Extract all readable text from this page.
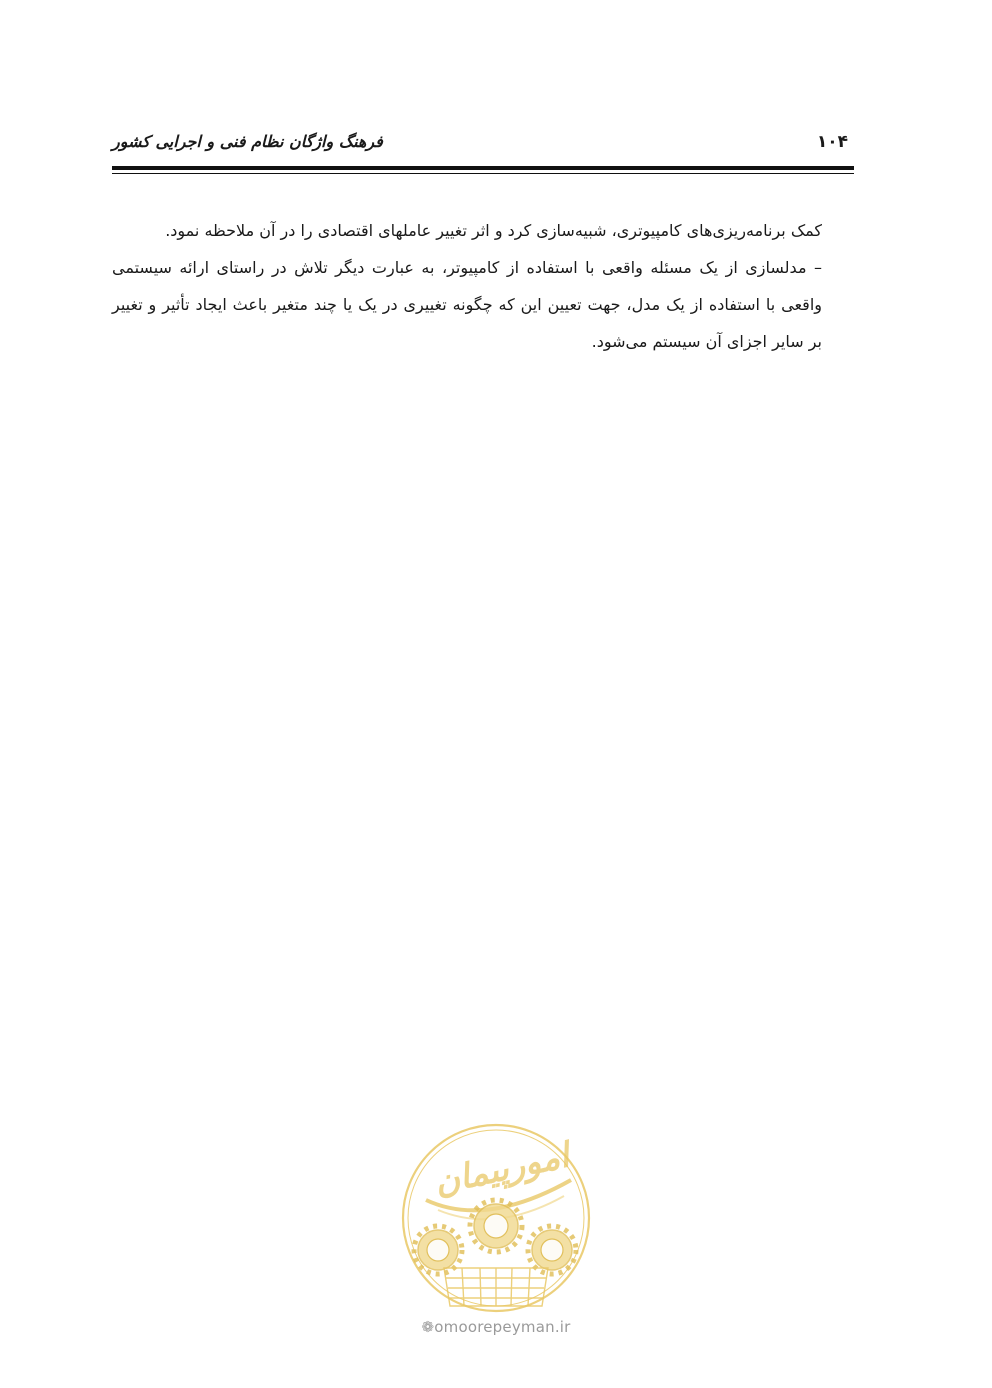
فرهنگ واژگان نظام فنی و اجرایی کشور	۱۰۴

کمک برنامه‌ریزی‌های کامپیوتری، شبیه‌سازی کرد و اثر تغییر عاملهای اقتصادی را در آن ملاحظه نمود.

– مدلسازی از یک مسئله واقعی با استفاده از کامپیوتر، به عبارت دیگر تلاش در راستای ارائه سیستمی واقعی با استفاده از یک مدل، جهت تعیین این که چگونه تغییری در یک یا چند متغیر باعث ایجاد تأثیر و تغییر بر سایر اجزای آن سیستم می‌شود.

امورپیمان
❁omoorepeyman.ir
